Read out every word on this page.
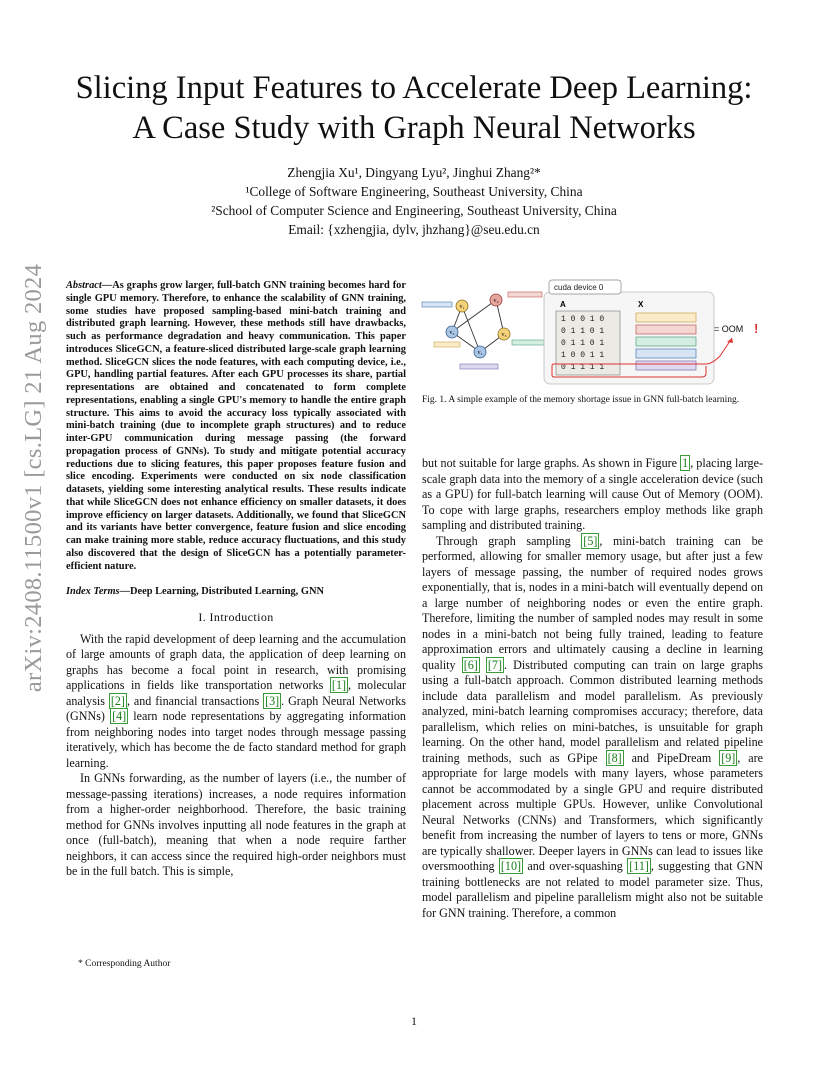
Slicing Input Features to Accelerate Deep Learning:
A Case Study with Graph Neural Networks
Zhengjia Xu¹, Dingyang Lyu², Jinghui Zhang²*
¹College of Software Engineering, Southeast University, China
²School of Computer Science and Engineering, Southeast University, China
Email: {xzhengjia, dylv, jhzhang}@seu.edu.cn
arXiv:2408.11500v1 [cs.LG] 21 Aug 2024 Abstract—As graphs grow larger, full-batch GNN training becomes hard for single GPU memory. Therefore, to enhance the scalability of GNN training, some studies have proposed sampling-based mini-batch training and distributed graph learning. However, these methods still have drawbacks, such as performance degradation and heavy communication. This paper introduces SliceGCN, a feature-sliced distributed large-scale graph learning method. SliceGCN slices the node features, with each computing device, i.e., GPU, handling partial features. After each GPU processes its share, partial representations are obtained and concatenated to form complete representations, enabling a single GPU's memory to handle the entire graph structure. This aims to avoid the accuracy loss typically associated with mini-batch training (due to incomplete graph structures) and to reduce inter-GPU communication during message passing (the forward propagation process of GNNs). To study and mitigate potential accuracy reductions due to slicing features, this paper proposes feature fusion and slice encoding. Experiments were conducted on six node classification datasets, yielding some interesting analytical results. These results indicate that while SliceGCN does not enhance efficiency on smaller datasets, it does improve efficiency on larger datasets. Additionally, we found that SliceGCN and its variants have better convergence, feature fusion and slice encoding can make training more stable, reduce accuracy fluctuations, and this study also discovered that the design of SliceGCN has a potentially parameter-efficient nature.

Index Terms—Deep Learning, Distributed Learning, GNN

I. Introduction

With the rapid development of deep learning and the accumulation of large amounts of graph data, the application of deep learning on graphs has become a focal point in research, with promising applications in fields like transportation networks [1] , molecular analysis [2] , and financial transactions [3] . Graph Neural Networks (GNNs) [4] learn node representations by aggregating information from neighboring nodes into target nodes through message passing iteratively, which has become the de facto standard method for graph learning.

In GNNs forwarding, as the number of layers (i.e., the number of message-passing iterations) increases, a node requires information from a higher-order neighborhood. Therefore, the basic training method for GNNs involves inputting all node features in the graph at once (full-batch), meaning that when a node require farther neighbors, it can access since the required high-order neighbors must be in the full batch. This is simple,

v₁
v₂
v₃
v₄
v₅
cuda device 0
A	X
1 0 0 1 0
0 1 1 0 1
0 1 1 0 1
1 0 0 1 1
0 1 1 1 1
= OOM !
Fig. 1. A simple example of the memory shortage issue in GNN full-batch learning.

but not suitable for large graphs. As shown in Figure 1 , placing large-scale graph data into the memory of a single acceleration device (such as a GPU) for full-batch learning will cause Out of Memory (OOM). To cope with large graphs, researchers employ methods like graph sampling and distributed training.

Through graph sampling [5] , mini-batch training can be performed, allowing for smaller memory usage, but after just a few layers of message passing, the number of required nodes grows exponentially, that is, nodes in a mini-batch will eventually depend on a large number of neighboring nodes or even the entire graph. Therefore, limiting the number of sampled nodes may result in some nodes in a mini-batch not being fully trained, leading to feature approximation errors and ultimately causing a decline in learning quality [6] [7] . Distributed computing can train on large graphs using a full-batch approach. Common distributed learning methods include data parallelism and model parallelism. As previously analyzed, mini-batch learning compromises accuracy; therefore, data parallelism, which relies on mini-batches, is unsuitable for graph learning. On the other hand, model parallelism and related pipeline training methods, such as GPipe [8] and PipeDream [9] , are appropriate for large models with many layers, whose parameters cannot be accommodated by a single GPU and require distributed placement across multiple GPUs. However, unlike Convolutional Neural Networks (CNNs) and Transformers, which significantly benefit from increasing the number of layers to tens or more, GNNs are typically shallower. Deeper layers in GNNs can lead to issues like oversmoothing [10] and over-squashing [11] , suggesting that GNN training bottlenecks are not related to model parameter size. Thus, model parallelism and pipeline parallelism might also not be suitable for GNN training. Therefore, a common

* Corresponding Author
1
